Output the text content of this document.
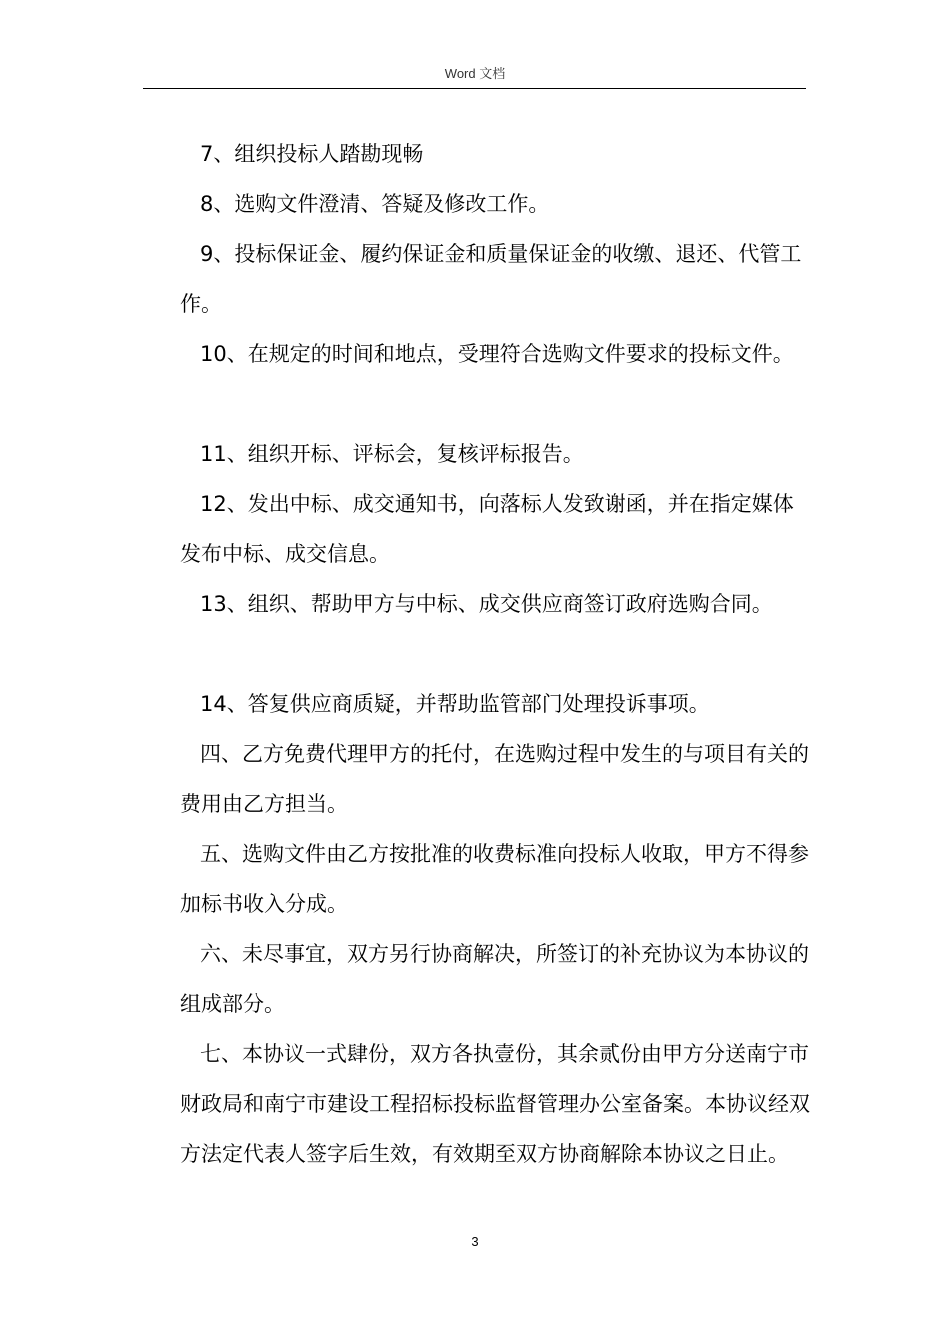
Word 文档

7、组织投标人踏勘现畅

8、选购文件澄清、答疑及修改工作。

9、投标保证金、履约保证金和质量保证金的收缴、退还、代管工作。

10、在规定的时间和地点，受理符合选购文件要求的投标文件。

11、组织开标、评标会，复核评标报告。

12、发出中标、成交通知书，向落标人发致谢函，并在指定媒体发布中标、成交信息。

13、组织、帮助甲方与中标、成交供应商签订政府选购合同。

14、答复供应商质疑，并帮助监管部门处理投诉事项。

四、乙方免费代理甲方的托付，在选购过程中发生的与项目有关的费用由乙方担当。

五、选购文件由乙方按批准的收费标准向投标人收取，甲方不得参加标书收入分成。

六、未尽事宜，双方另行协商解决，所签订的补充协议为本协议的组成部分。

七、本协议一式肆份，双方各执壹份，其余贰份由甲方分送南宁市财政局和南宁市建设工程招标投标监督管理办公室备案。本协议经双方法定代表人签字后生效，有效期至双方协商解除本协议之日止。

3
